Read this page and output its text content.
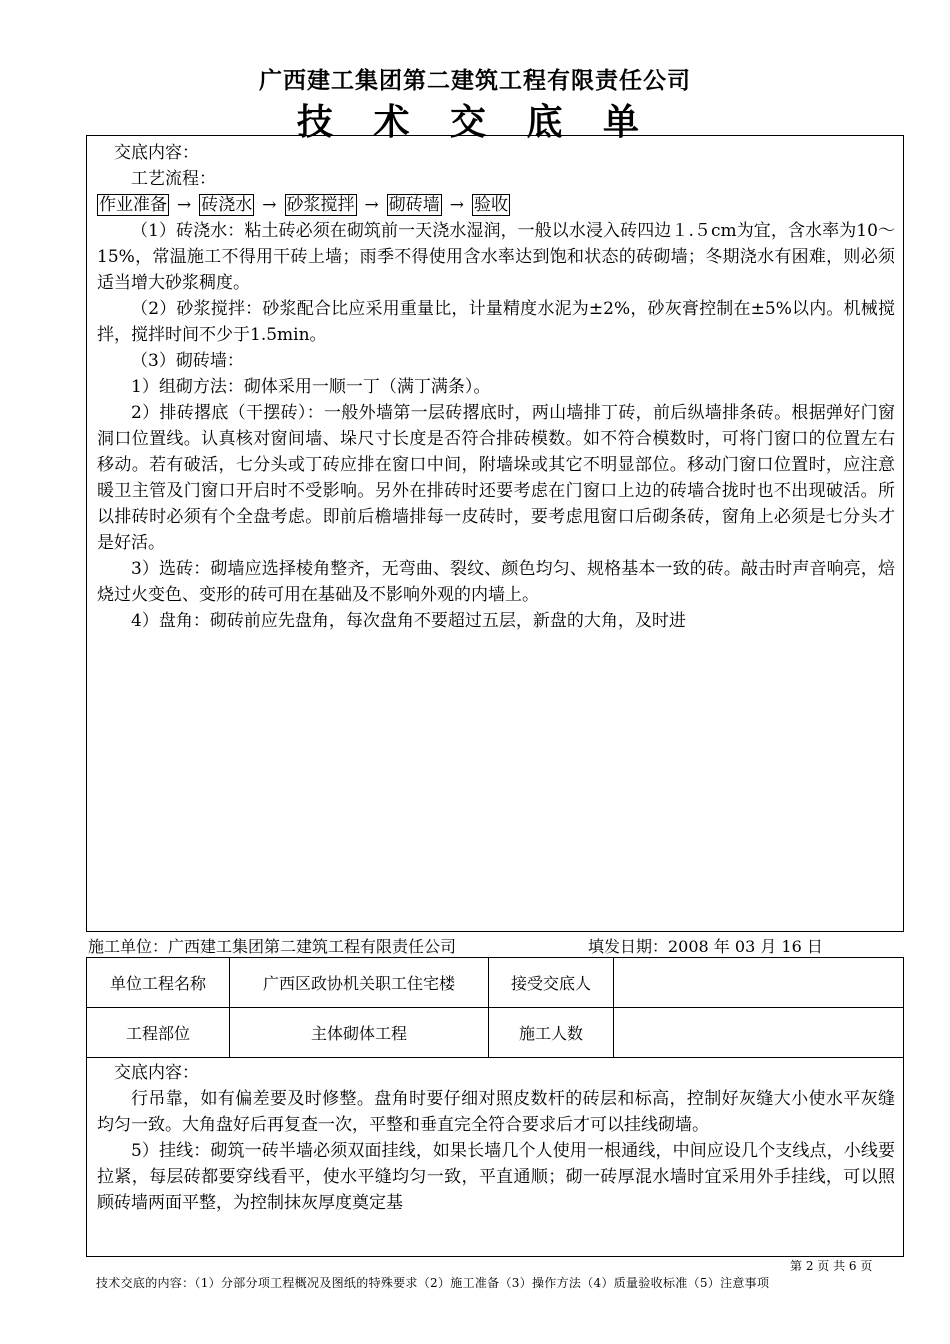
广西建工集团第二建筑工程有限责任公司
技 术 交 底 单

交底内容：

工艺流程：

作业准备 → 砖浇水 → 砂浆搅拌 → 砌砖墙 → 验收

（1）砖浇水：粘土砖必须在砌筑前一天浇水湿润，一般以水浸入砖四边１.５cm为宜，含水率为10～15%，常温施工不得用干砖上墙；雨季不得使用含水率达到饱和状态的砖砌墙；冬期浇水有困难，则必须适当增大砂浆稠度。

（2）砂浆搅拌：砂浆配合比应采用重量比，计量精度水泥为±2%，砂灰膏控制在±5%以内。机械搅拌，搅拌时间不少于1.5min。

（3）砌砖墙：

1）组砌方法：砌体采用一顺一丁（满丁满条）。

2）排砖撂底（干摆砖）：一般外墙第一层砖撂底时，两山墙排丁砖，前后纵墙排条砖。根据弹好门窗洞口位置线。认真核对窗间墙、垛尺寸长度是否符合排砖模数。如不符合模数时，可将门窗口的位置左右移动。若有破活，七分头或丁砖应排在窗口中间，附墙垛或其它不明显部位。移动门窗口位置时，应注意暖卫主管及门窗口开启时不受影响。另外在排砖时还要考虑在门窗口上边的砖墙合拢时也不出现破活。所以排砖时必须有个全盘考虑。即前后檐墙排每一皮砖时，要考虑甩窗口后砌条砖，窗角上必须是七分头才是好活。

3）选砖：砌墙应选择棱角整齐，无弯曲、裂纹、颜色均匀、规格基本一致的砖。敲击时声音响亮，焙烧过火变色、变形的砖可用在基础及不影响外观的内墙上。

4）盘角：砌砖前应先盘角，每次盘角不要超过五层，新盘的大角，及时进

施工单位：广西建工集团第二建筑工程有限责任公司	填发日期：2008 年 03 月 16 日
单位工程名称	广西区政协机关职工住宅楼	接受交底人	
工程部位	主体砌体工程	施工人数	

交底内容：

行吊靠，如有偏差要及时修整。盘角时要仔细对照皮数杆的砖层和标高，控制好灰缝大小使水平灰缝均匀一致。大角盘好后再复查一次，平整和垂直完全符合要求后才可以挂线砌墙。

5）挂线：砌筑一砖半墙必须双面挂线，如果长墙几个人使用一根通线，中间应设几个支线点，小线要拉紧，每层砖都要穿线看平，使水平缝均匀一致，平直通顺；砌一砖厚混水墙时宜采用外手挂线，可以照顾砖墙两面平整，为控制抹灰厚度奠定基

第 2 页 共 6 页
技术交底的内容：（1）分部分项工程概况及图纸的特殊要求（2）施工准备（3）操作方法（4）质量验收标准（5）注意事项
